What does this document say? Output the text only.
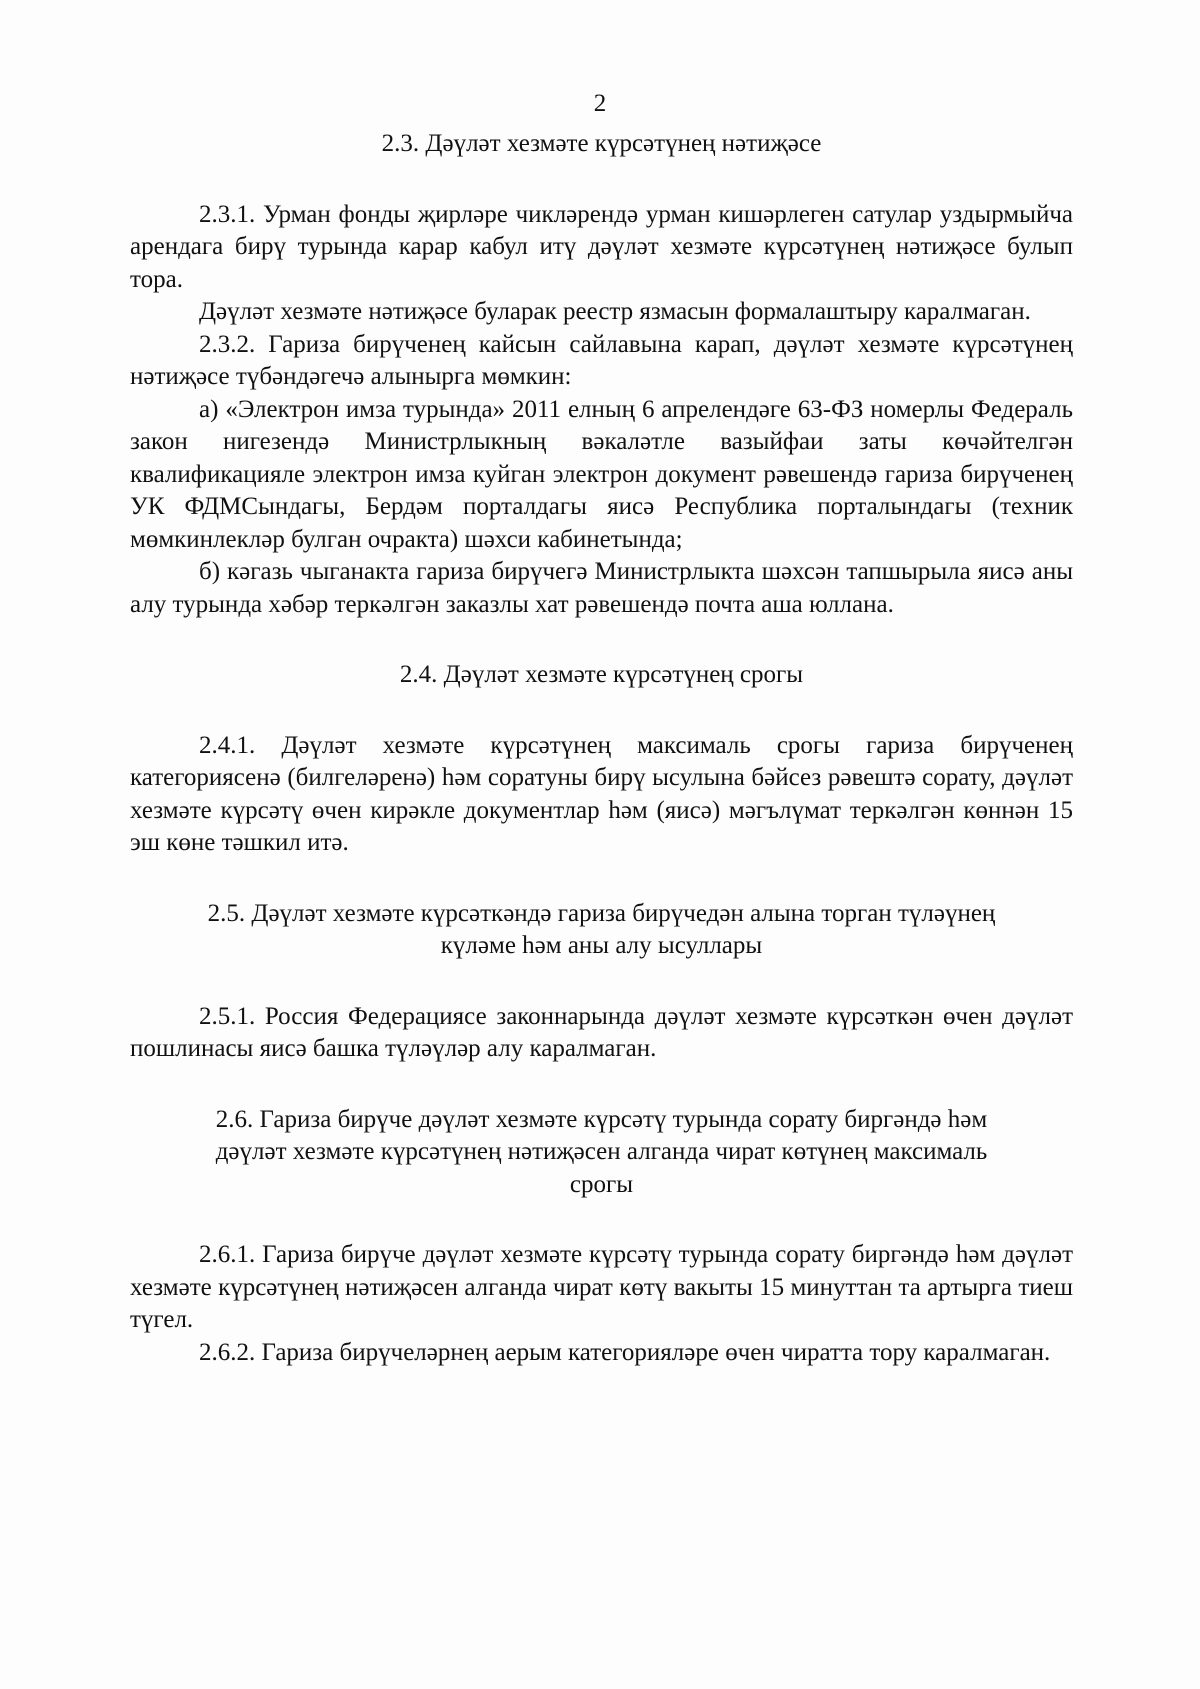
2
2.3. Дәүләт хезмәте күрсәтүнең нәтиҗәсе

2.3.1. Урман фонды җирләре чикләрендә урман кишәрлеген сатулар уздырмыйча арендага бирү турында карар кабул итү дәүләт хезмәте күрсәтүнең нәтиҗәсе булып тора.

Дәүләт хезмәте нәтиҗәсе буларак реестр язмасын формалаштыру каралмаган.

2.3.2. Гариза бирүченең кайсын сайлавына карап, дәүләт хезмәте күрсәтүнең нәтиҗәсе түбәндәгечә алынырга мөмкин:

а) «Электрон имза турында» 2011 елның 6 апрелендәге 63-ФЗ номерлы Федераль закон нигезендә Министрлыкның вәкаләтле вазыйфаи заты көчәйтелгән квалификацияле электрон имза куйган электрон документ рәвешендә гариза бирүченең УК ФДМСындагы, Бердәм порталдагы яисә Республика порталындагы (техник мөмкинлекләр булган очракта) шәхси кабинетында;

б) кәгазь чыганакта гариза бирүчегә Министрлыкта шәхсән тапшырыла яисә аны алу турында хәбәр теркәлгән заказлы хат рәвешендә почта аша юллана.

2.4. Дәүләт хезмәте күрсәтүнең срогы

2.4.1. Дәүләт хезмәте күрсәтүнең максималь срогы гариза бирүченең категориясенә (билгеләренә) һәм соратуны бирү ысулына бәйсез рәвештә сорату, дәүләт хезмәте күрсәтү өчен кирәкле документлар һәм (яисә) мәгълүмат теркәлгән көннән 15 эш көне тәшкил итә.

2.5. Дәүләт хезмәте күрсәткәндә гариза бирүчедән алына торган түләүнең
күләме һәм аны алу ысуллары

2.5.1. Россия Федерациясе законнарында дәүләт хезмәте күрсәткән өчен дәүләт пошлинасы яисә башка түләүләр алу каралмаган.

2.6. Гариза бирүче дәүләт хезмәте күрсәтү турында сорату биргәндә һәм
дәүләт хезмәте күрсәтүнең нәтиҗәсен алганда чират көтүнең максималь
срогы

2.6.1. Гариза бирүче дәүләт хезмәте күрсәтү турында сорату биргәндә һәм дәүләт хезмәте күрсәтүнең нәтиҗәсен алганда чират көтү вакыты 15 минуттан та артырга тиеш түгел.

2.6.2. Гариза бирүчеләрнең аерым категорияләре өчен чиратта тору каралмаган.
